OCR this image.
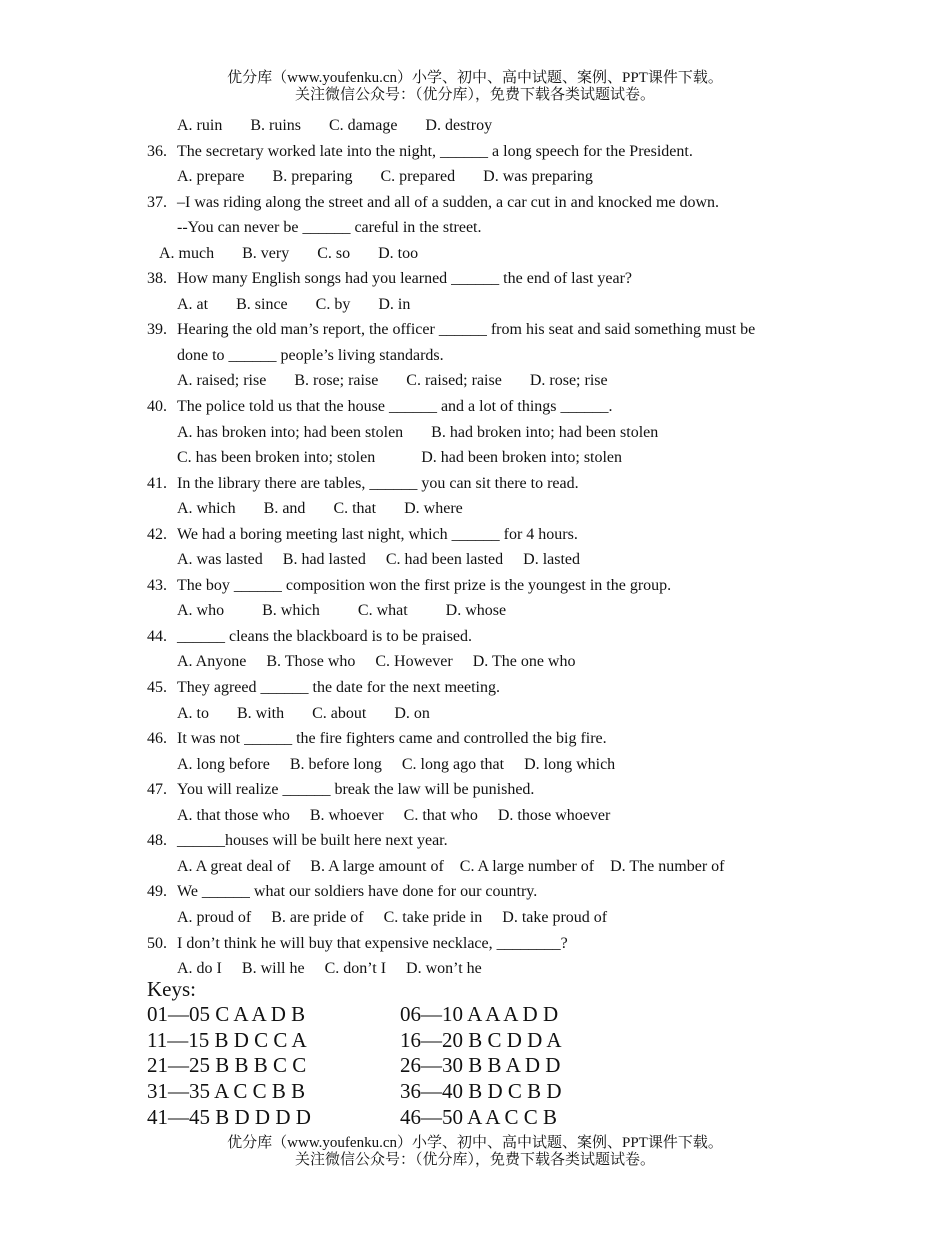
优分库（www.youfenku.cn）小学、初中、高中试题、案例、PPT课件下载。
关注微信公众号：（优分库），免费下载各类试题试卷。
A. ruin B. ruins C. damage D. destroy
36. The secretary worked late into the night, ______ a long speech for the President.
A. prepare B. preparing C. prepared D. was preparing
37. –I was riding along the street and all of a sudden, a car cut in and knocked me down.
--You can never be ______ careful in the street.
A. much B. very C. so D. too
38. How many English songs had you learned ______ the end of last year?
A. at B. since C. by D. in
39. Hearing the old man’s report, the officer ______ from his seat and said something must be
done to ______ people’s living standards.
A. raised; rise B. rose; raise C. raised; raise D. rose; rise
40. The police told us that the house ______ and a lot of things ______.
A. has broken into; had been stolen B. had broken into; had been stolen
C. has been broken into; stolen	D. had been broken into; stolen
41. In the library there are tables, ______ you can sit there to read.
A. which B. and C. that D. where
42. We had a boring meeting last night, which ______ for 4 hours.
A. was lasted B. had lasted C. had been lasted D. lasted
43. The boy ______ composition won the first prize is the youngest in the group.
A. who B. which C. what D. whose
44. ______ cleans the blackboard is to be praised.
A. Anyone B. Those who C. However D. The one who
45. They agreed ______ the date for the next meeting.
A. to B. with C. about D. on
46. It was not ______ the fire fighters came and controlled the big fire.
A. long before B. before long C. long ago that D. long which
47. You will realize ______ break the law will be punished.
A. that those who B. whoever C. that who D. those whoever
48. ______houses will be built here next year.
A. A great deal of B. A large amount of C. A large number of D. The number of
49. We ______ what our soldiers have done for our country.
A. proud of B. are pride of C. take pride in D. take proud of
50. I don’t think he will buy that expensive necklace, ________?
A. do I B. will he C. don’t I D. won’t he
Keys:
01—05 C A A D B	06—10 A A A D D
11—15 B D C C A	16—20 B C D D A
21—25 B B B C C	26—30 B B A D D
31—35 A C C B B	36—40 B D C B D
41—45 B D D D D	46—50 A A C C B
优分库（www.youfenku.cn）小学、初中、高中试题、案例、PPT课件下载。
关注微信公众号：（优分库），免费下载各类试题试卷。
